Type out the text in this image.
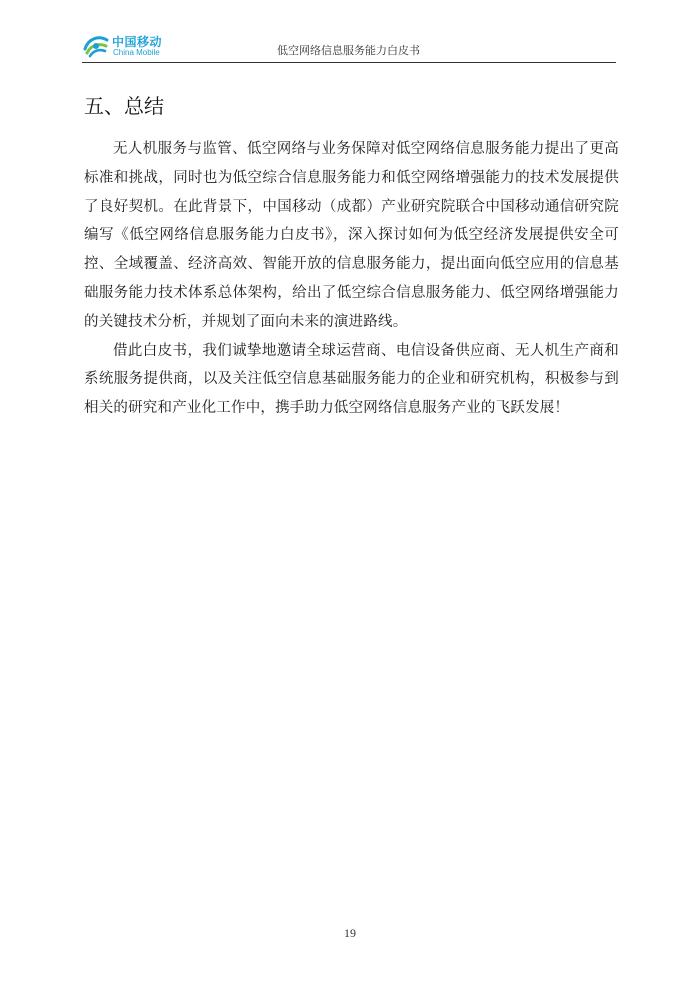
中国移动
China Mobile	低空网络信息服务能力白皮书
五、总结

无人机服务与监管、低空网络与业务保障对低空网络信息服务能力提出了更高标准和挑战，同时也为低空综合信息服务能力和低空网络增强能力的技术发展提供了良好契机。在此背景下，中国移动（成都）产业研究院联合中国移动通信研究院编写《低空网络信息服务能力白皮书》，深入探讨如何为低空经济发展提供安全可控、全域覆盖、经济高效、智能开放的信息服务能力，提出面向低空应用的信息基础服务能力技术体系总体架构，给出了低空综合信息服务能力、低空网络增强能力的关键技术分析，并规划了面向未来的演进路线。

借此白皮书，我们诚挚地邀请全球运营商、电信设备供应商、无人机生产商和系统服务提供商，以及关注低空信息基础服务能力的企业和研究机构，积极参与到相关的研究和产业化工作中，携手助力低空网络信息服务产业的飞跃发展！

19
